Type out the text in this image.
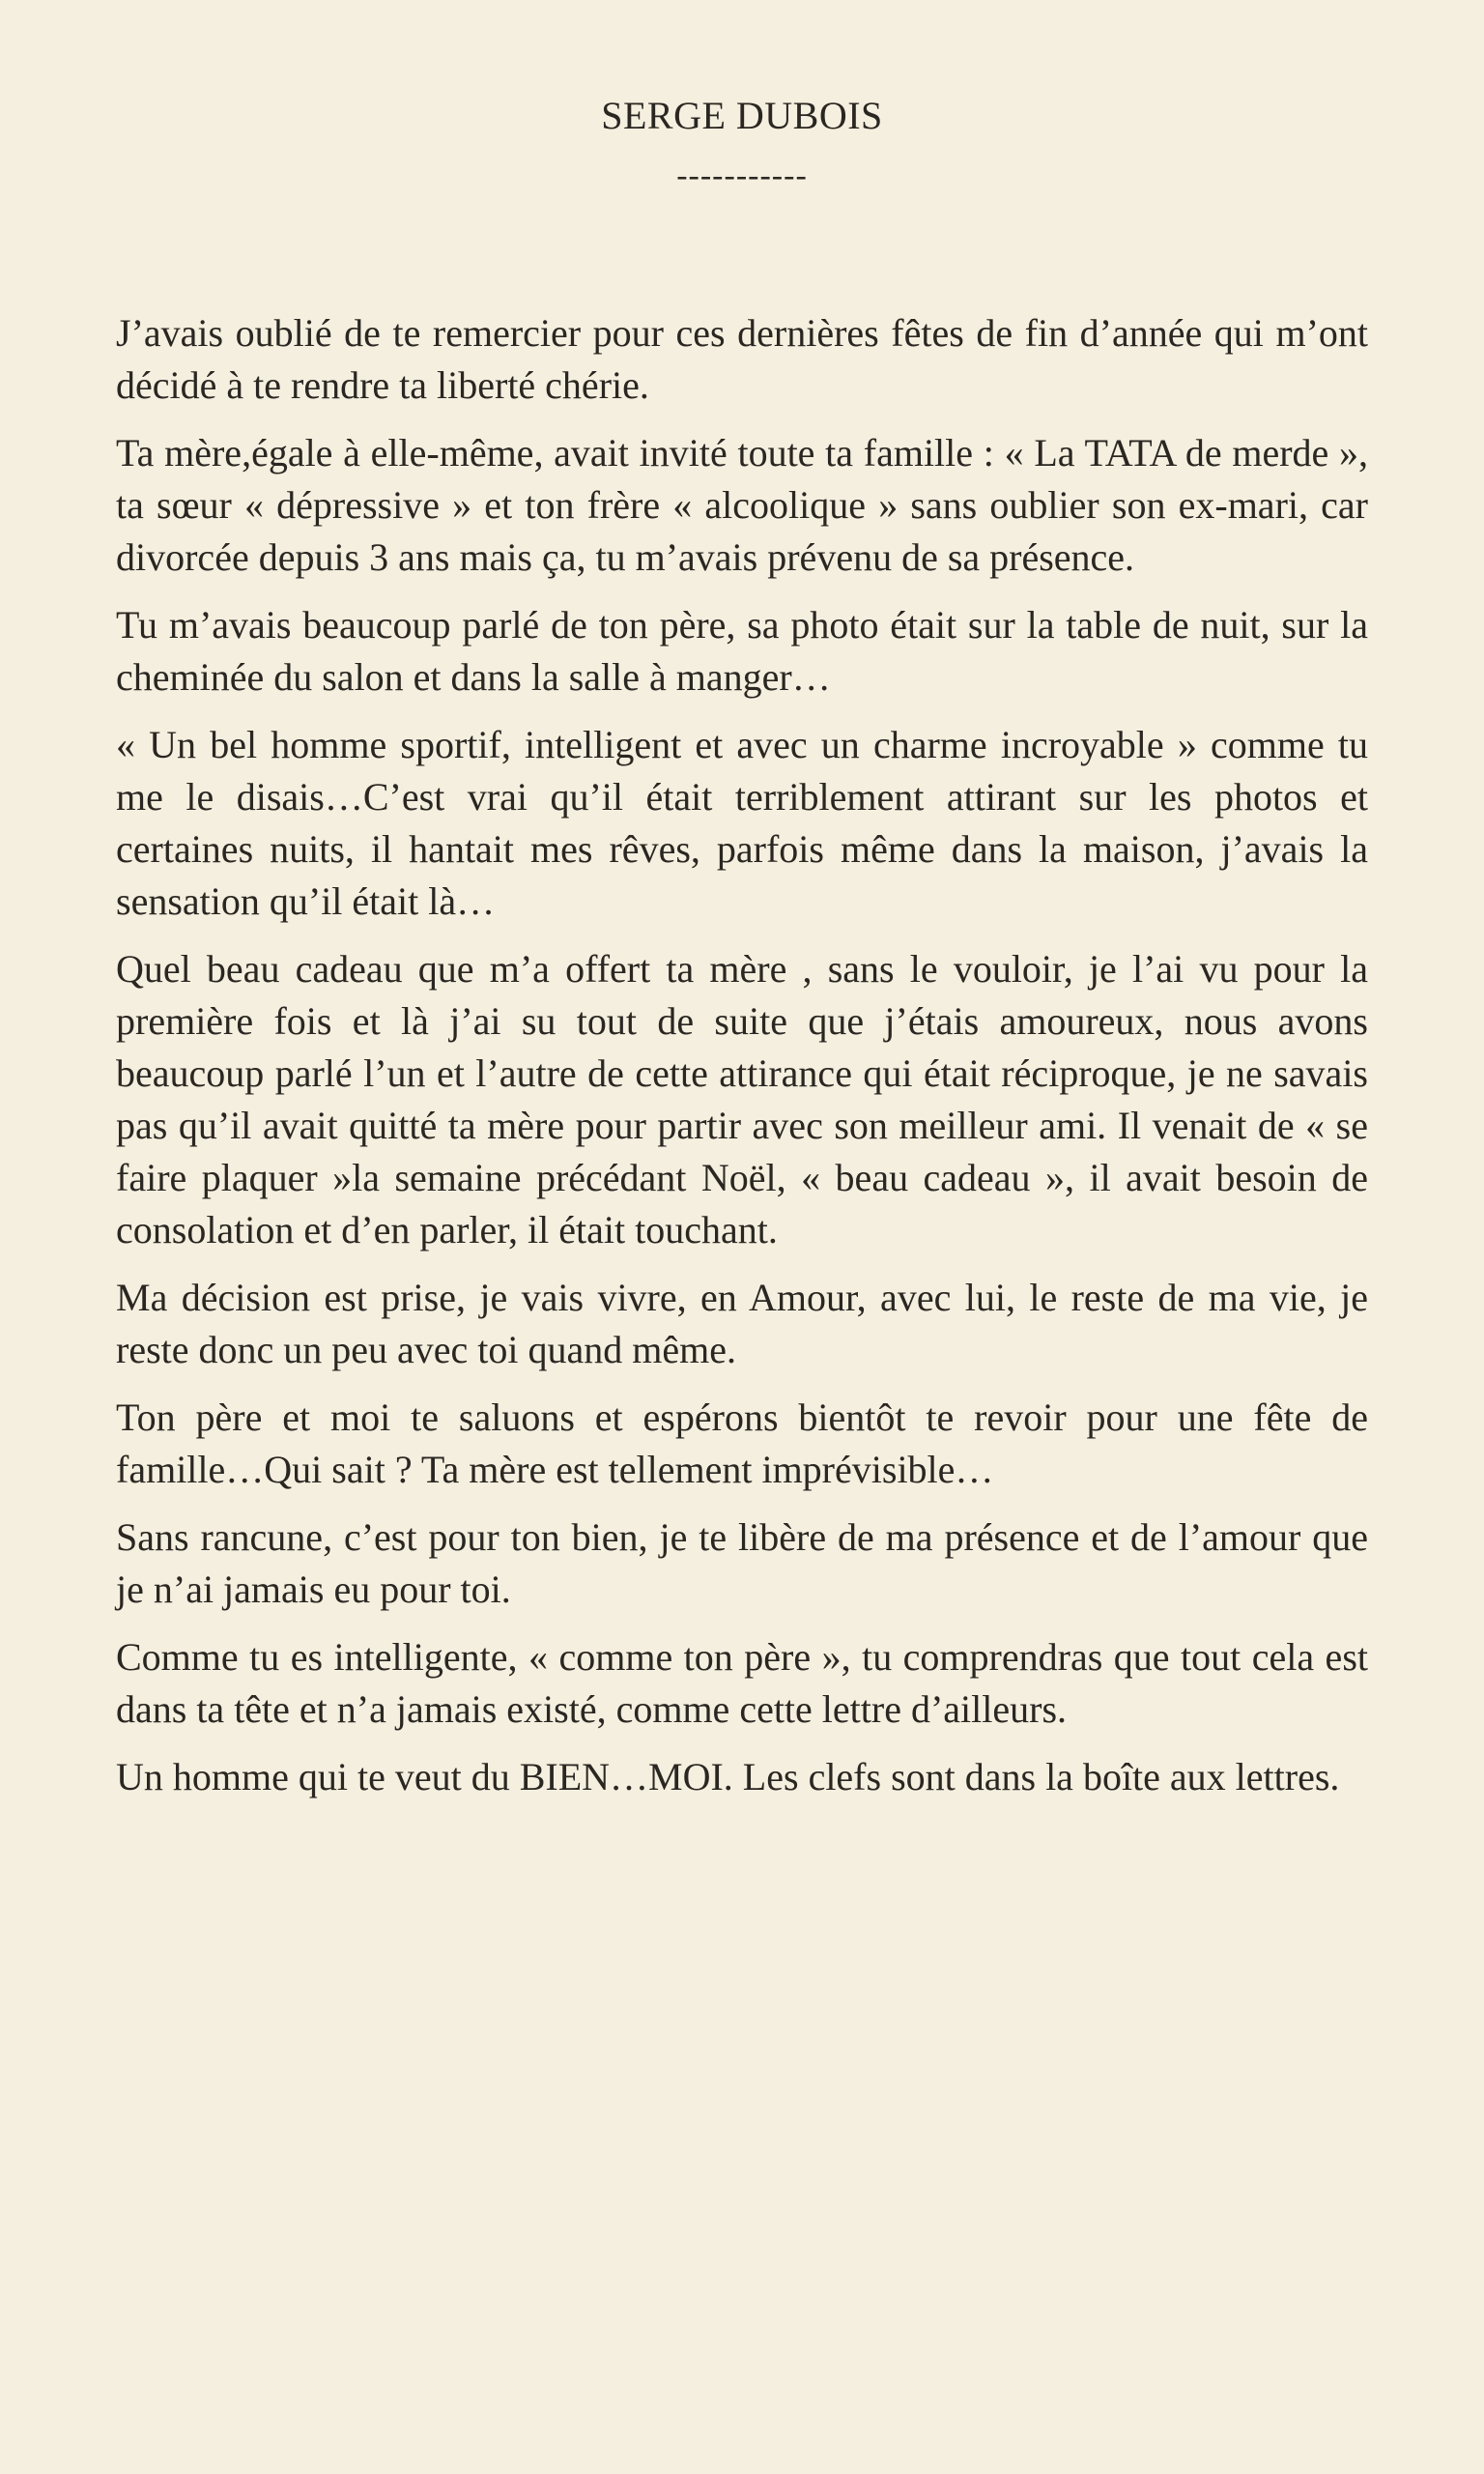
SERGE DUBOIS
-----------

J’avais oublié de te remercier pour ces dernières fêtes de fin d’année qui m’ont décidé à te rendre ta liberté chérie.

Ta mère,égale à elle-même, avait invité toute ta famille : « La TATA de merde », ta sœur « dépressive » et ton frère « alcoolique » sans oublier son ex-mari, car divorcée depuis 3 ans mais ça, tu m’avais prévenu de sa présence.

Tu m’avais beaucoup parlé de ton père, sa photo était sur la table de nuit, sur la cheminée du salon et dans la salle à manger…

« Un bel homme sportif, intelligent et avec un charme incroyable » comme tu me le disais…C’est vrai qu’il était terriblement attirant sur les photos et certaines nuits, il hantait mes rêves, parfois même dans la maison, j’avais la sensation qu’il était là…

Quel beau cadeau que m’a offert ta mère , sans le vouloir, je l’ai vu pour la première fois et là j’ai su tout de suite que j’étais amoureux, nous avons beaucoup parlé l’un et l’autre de cette attirance qui était réciproque, je ne savais pas qu’il avait quitté ta mère pour partir avec son meilleur ami. Il venait de « se faire plaquer »la semaine précédant Noël, « beau cadeau », il avait besoin de consolation et d’en parler, il était touchant.

Ma décision est prise, je vais vivre, en Amour, avec lui, le reste de ma vie, je reste donc un peu avec toi quand même.

Ton père et moi te saluons et espérons bientôt te revoir pour une fête de famille…Qui sait ? Ta mère est tellement imprévisible…

Sans rancune, c’est pour ton bien, je te libère de ma présence et de l’amour que je n’ai jamais eu pour toi.

Comme tu es intelligente, « comme ton père », tu comprendras que tout cela est dans ta tête et n’a jamais existé, comme cette lettre d’ailleurs.

Un homme qui te veut du BIEN…MOI. Les clefs sont dans la boîte aux lettres.
